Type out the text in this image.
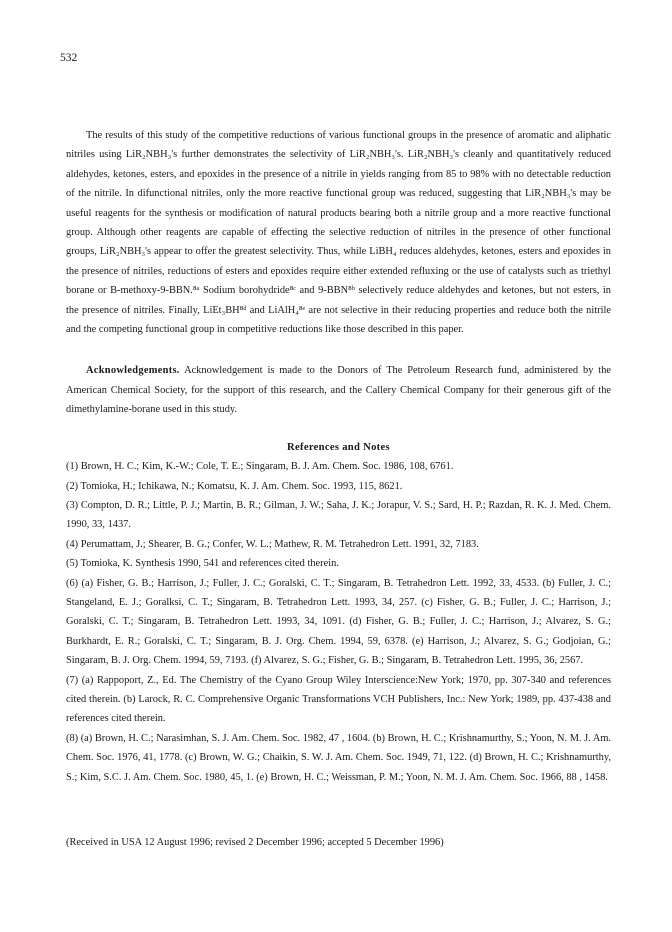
532

The results of this study of the competitive reductions of various functional groups in the presence of aromatic and aliphatic nitriles using LiR₂NBH₃'s further demonstrates the selectivity of LiR₂NBH₃'s. LiR₂NBH₃'s cleanly and quantitatively reduced aldehydes, ketones, esters, and epoxides in the presence of a nitrile in yields ranging from 85 to 98% with no detectable reduction of the nitrile. In difunctional nitriles, only the more reactive functional group was reduced, suggesting that LiR₂NBH₃'s may be useful reagents for the synthesis or modification of natural products bearing both a nitrile group and a more reactive functional group. Although other reagents are capable of effecting the selective reduction of nitriles in the presence of other functional groups, LiR₂NBH₃'s appear to offer the greatest selectivity. Thus, while LiBH₄ reduces aldehydes, ketones, esters and epoxides in the presence of nitriles, reductions of esters and epoxides require either extended refluxing or the use of catalysts such as triethyl borane or B-methoxy-9-BBN.⁸ᵃ Sodium borohydride⁸ᶜ and 9-BBN⁸ᵇ selectively reduce aldehydes and ketones, but not esters, in the presence of nitriles. Finally, LiEt₃BH⁸ᵈ and LiAlH₄⁸ᵉ are not selective in their reducing properties and reduce both the nitrile and the competing functional group in competitive reductions like those described in this paper.

Acknowledgements. Acknowledgement is made to the Donors of The Petroleum Research fund, administered by the American Chemical Society, for the support of this research, and the Callery Chemical Company for their generous gift of the dimethylamine-borane used in this study.

References and Notes

(1) Brown, H. C.; Kim, K.-W.; Cole, T. E.; Singaram, B. J. Am. Chem. Soc. 1986, 108, 6761.

(2) Tomioka, H.; Ichikawa, N.; Komatsu, K. J. Am. Chem. Soc. 1993, 115, 8621.

(3) Compton, D. R.; Little, P. J.; Martin, B. R.; Gilman, J. W.; Saha, J. K.; Jorapur, V. S.; Sard, H. P.; Razdan, R. K. J. Med. Chem. 1990, 33, 1437.

(4) Perumattam, J.; Shearer, B. G.; Confer, W. L.; Mathew, R. M. Tetrahedron Lett. 1991, 32, 7183.

(5) Tomioka, K. Synthesis 1990, 541 and references cited therein.

(6) (a) Fisher, G. B.; Harrison, J.; Fuller, J. C.; Goralski, C. T.; Singaram, B. Tetrahedron Lett. 1992, 33, 4533. (b) Fuller, J. C.; Stangeland, E. J.; Goralksi, C. T.; Singaram, B. Tetrahedron Lett. 1993, 34, 257. (c) Fisher, G. B.; Fuller, J. C.; Harrison, J.; Goralski, C. T.; Singaram, B. Tetrahedron Lett. 1993, 34, 1091. (d) Fisher, G. B.; Fuller, J. C.; Harrison, J.; Alvarez, S. G.; Burkhardt, E. R.; Goralski, C. T.; Singaram, B. J. Org. Chem. 1994, 59, 6378. (e) Harrison, J.; Alvarez, S. G.; Godjoian, G.; Singaram, B. J. Org. Chem. 1994, 59, 7193. (f) Alvarez, S. G.; Fisher, G. B.; Singaram, B. Tetrahedron Lett. 1995, 36, 2567.

(7) (a) Rappoport, Z., Ed. The Chemistry of the Cyano Group Wiley Interscience:New York; 1970, pp. 307-340 and references cited therein. (b) Larock, R. C. Comprehensive Organic Transformations VCH Publishers, Inc.: New York; 1989, pp. 437-438 and references cited therein.

(8) (a) Brown, H. C.; Narasimhan, S. J. Am. Chem. Soc. 1982, 47 , 1604. (b) Brown, H. C.; Krishnamurthy, S.; Yoon, N. M. J. Am. Chem. Soc. 1976, 41, 1778. (c) Brown, W. G.; Chaikin, S. W. J. Am. Chem. Soc. 1949, 71, 122. (d) Brown, H. C.; Krishnamurthy, S.; Kim, S.C. J. Am. Chem. Soc. 1980, 45, 1. (e) Brown, H. C.; Weissman, P. M.; Yoon, N. M. J. Am. Chem. Soc. 1966, 88 , 1458.

(Received in USA 12 August 1996; revised 2 December 1996; accepted 5 December 1996)
